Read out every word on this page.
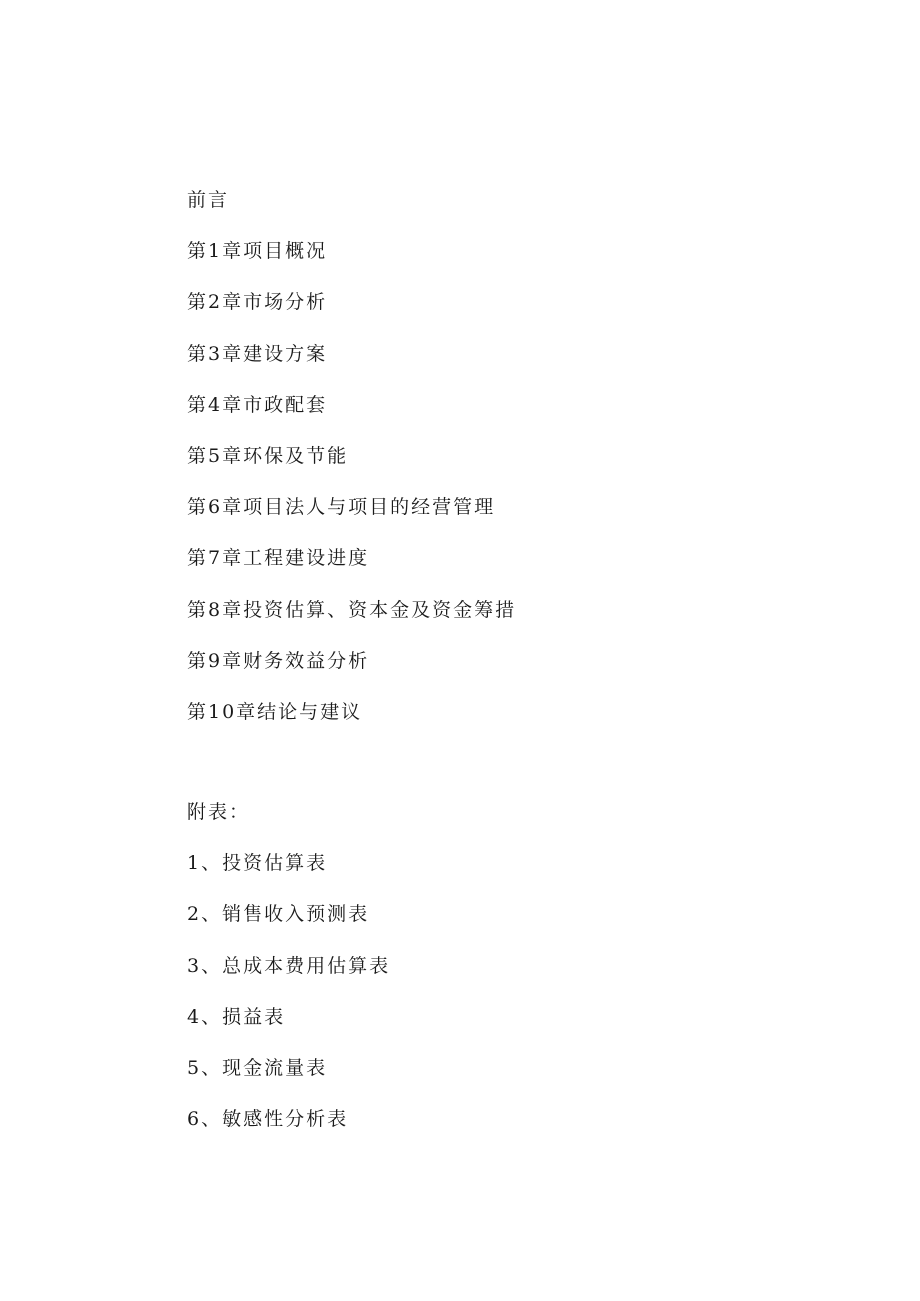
前言
第1章项目概况
第2章市场分析
第3章建设方案
第4章市政配套
第5章环保及节能
第6章项目法人与项目的经营管理
第7章工程建设进度
第8章投资估算、资本金及资金筹措
第9章财务效益分析
第10章结论与建议
附表：
1、投资估算表
2、销售收入预测表
3、总成本费用估算表
4、损益表
5、现金流量表
6、敏感性分析表
